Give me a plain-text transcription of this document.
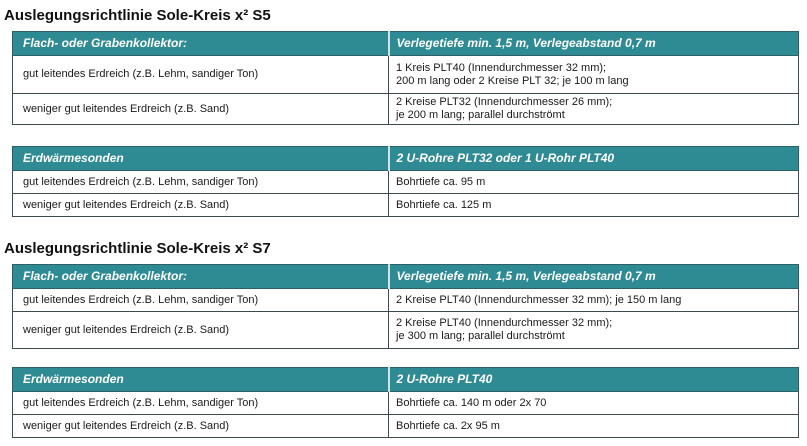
Auslegungsrichtlinie Sole-Kreis x² S5
Flach- oder Grabenkollektor:	Verlegetiefe min. 1,5 m, Verlegeabstand 0,7 m
gut leitendes Erdreich (z.B. Lehm, sandiger Ton)	1 Kreis PLT40 (Innendurchmesser 32 mm);
200 m lang oder 2 Kreise PLT 32; je 100 m lang

weniger gut leitendes Erdreich (z.B. Sand)	2 Kreise PLT32 (Innendurchmesser 26 mm);
je 200 m lang; parallel durchströmt
Erdwärmesonden	2 U-Rohre PLT32 oder 1 U-Rohr PLT40
gut leitendes Erdreich (z.B. Lehm, sandiger Ton)	Bohrtiefe ca. 95 m
weniger gut leitendes Erdreich (z.B. Sand)	Bohrtiefe ca. 125 m
Auslegungsrichtlinie Sole-Kreis x² S7
Flach- oder Grabenkollektor:	Verlegetiefe min. 1,5 m, Verlegeabstand 0,7 m
gut leitendes Erdreich (z.B. Lehm, sandiger Ton)	2 Kreise PLT40 (Innendurchmesser 32 mm); je 150 m lang
weniger gut leitendes Erdreich (z.B. Sand)	2 Kreise PLT40 (Innendurchmesser 32 mm);
je 300 m lang; parallel durchströmt
Erdwärmesonden	2 U-Rohre PLT40
gut leitendes Erdreich (z.B. Lehm, sandiger Ton)	Bohrtiefe ca. 140 m oder 2x 70
weniger gut leitendes Erdreich (z.B. Sand)	Bohrtiefe ca. 2x 95 m
